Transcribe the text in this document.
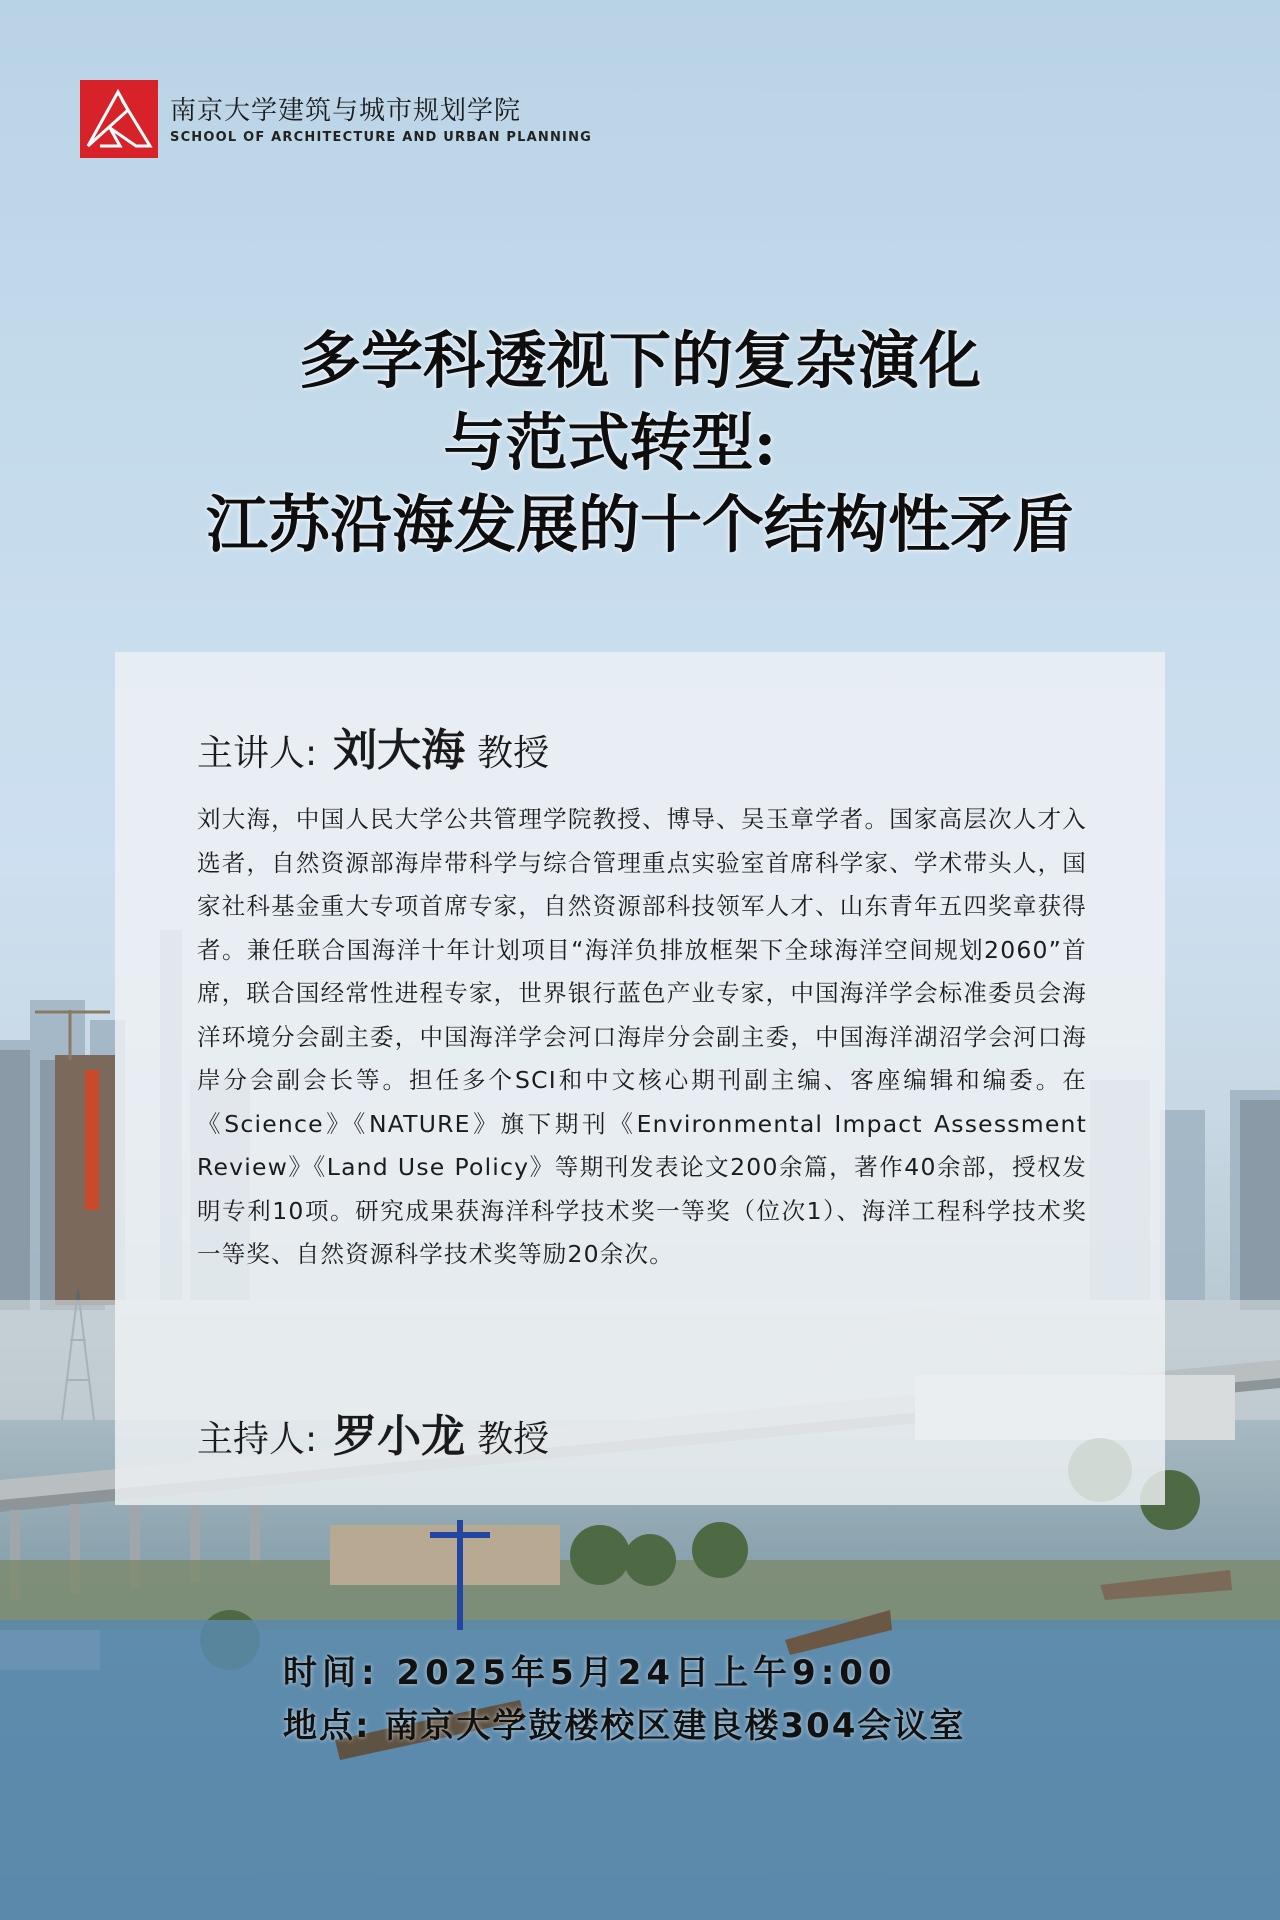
南京大学建筑与城市规划学院
SCHOOL OF ARCHITECTURE AND URBAN PLANNING
多学科透视下的复杂演化
与范式转型:
江苏沿海发展的十个结构性矛盾
主讲人: 刘大海 教授
刘大海，中国人民大学公共管理学院教授、博导、吴玉章学者。国家高层次人才入选者，自然资源部海岸带科学与综合管理重点实验室首席科学家、学术带头人，国家社科基金重大专项首席专家，自然资源部科技领军人才、山东青年五四奖章获得者。兼任联合国海洋十年计划项目“海洋负排放框架下全球海洋空间规划2060”首席，联合国经常性进程专家，世界银行蓝色产业专家，中国海洋学会标准委员会海洋环境分会副主委，中国海洋学会河口海岸分会副主委，中国海洋湖沼学会河口海岸分会副会长等。担任多个SCI和中文核心期刊副主编、客座编辑和编委。在《Science》《NATURE》旗下期刊《Environmental Impact Assessment Review》《Land Use Policy》等期刊发表论文200余篇，著作40余部，授权发明专利10项。研究成果获海洋科学技术奖一等奖（位次1）、海洋工程科学技术奖一等奖、自然资源科学技术奖等励20余次。
主持人: 罗小龙 教授
时间: 2025年5月24日上午9:00
地点: 南京大学鼓楼校区建良楼304会议室
